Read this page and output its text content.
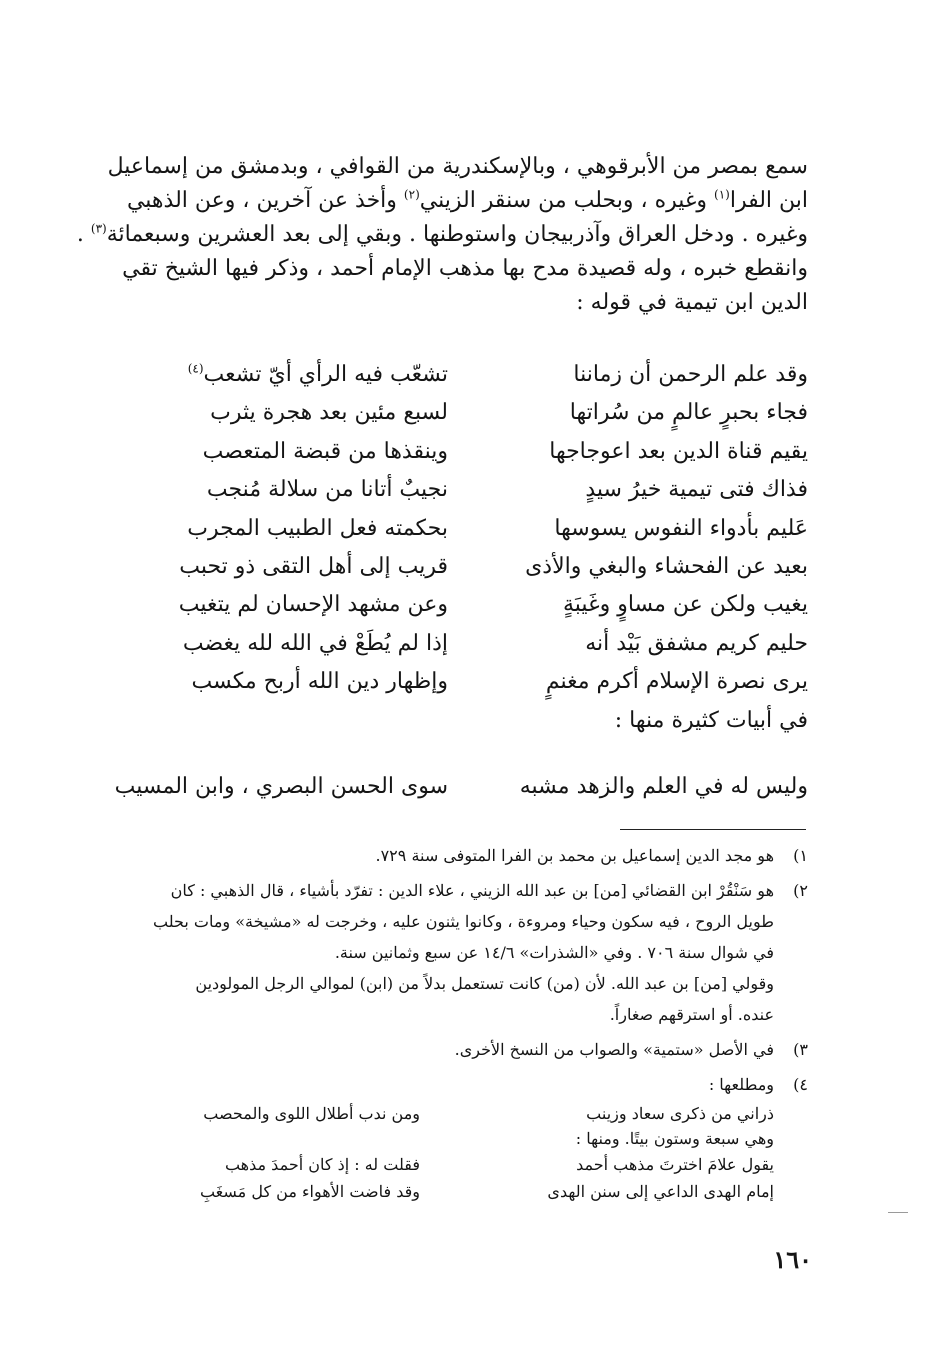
سمع بمصر من الأبرقوهي ، وبالإسكندرية من القوافي ، وبدمشق من إسماعيل
ابن الفرا$^{(١)}$ وغيره ، وبحلب من سنقر الزيني$^{(٢)}$ وأخذ عن آخرين ، وعن الذهبي
وغيره . ودخل العراق وآذربيجان واستوطنها . وبقي إلى بعد العشرين وسبعمائة$^{(٣)}$ .
وانقطع خبره ، وله قصيدة مدح بها مذهب الإمام أحمد ، وذكر فيها الشيخ تقي
الدين ابن تيمية في قوله :
وقد علم الرحمن أن زماننا
تشعّب فيه الرأي أيّ تشعب$^{(٤)}$
فجاء بحبرٍ عالمٍ من سُراتها
لسبع مئين بعد هجرة يثرب
يقيم قناة الدين بعد اعوجاجها
وينقذها من قبضة المتعصب
فذاك فتى تيمية خيرُ سيدٍ
نجيبٌ أتانا من سلالة مُنجب
عَليم بأدواء النفوس يسوسها
بحكمته فعل الطبيب المجرب
بعيد عن الفحشاء والبغي والأذى
قريب إلى أهل التقى ذو تحبب
يغيب ولكن عن مساوٍ وغَيبَةٍ
وعن مشهد الإحسان لم يتغيب
حليم كريم مشفق بَيْد أنه
إذا لم يُطَعْ في الله لله يغضب
يرى نصرة الإسلام أكرم مغنمٍ
وإظهار دين الله أربح مكسب
في أبيات كثيرة منها :
وليس له في العلم والزهد مشبه
سوى الحسن البصري ، وابن المسيب
١)
هو مجد الدين إسماعيل بن محمد بن الفرا المتوفى سنة ٧٢٩.
٢)
هو سَنْقُرْ ابن القضائي [من] بن عبد الله الزيني ، علاء الدين : تفرّد بأشياء ، قال الذهبي : كان
طويل الروح ، فيه سكون وحياء ومروءة ، وكانوا يثنون عليه ، وخرجت له «مشيخة» ومات بحلب
في شوال سنة ٧٠٦ . وفي «الشذرات» ١٤/٦ عن سبع وثمانين سنة.
وقولي [من] بن عبد الله. لأن (من) كانت تستعمل بدلاً من (ابن) لموالي الرجل المولودين
عنده. أو استرقهم صغاراً.
٣)
في الأصل «ستمية» والصواب من النسخ الأخرى.
٤)
ومطلعها :
ذراني من ذكرى سعاد وزينب
ومن ندب أطلال اللوى والمحصب
وهي سبعة وستون بيتًا. ومنها :
يقول علامَ اخترتَ مذهب أحمد
فقلت له : إذ كان أحمدَ مذهب
إمام الهدى الداعي إلى سنن الهدى
وقد فاضت الأهواء من كل مَسغَبِ
١٦٠
